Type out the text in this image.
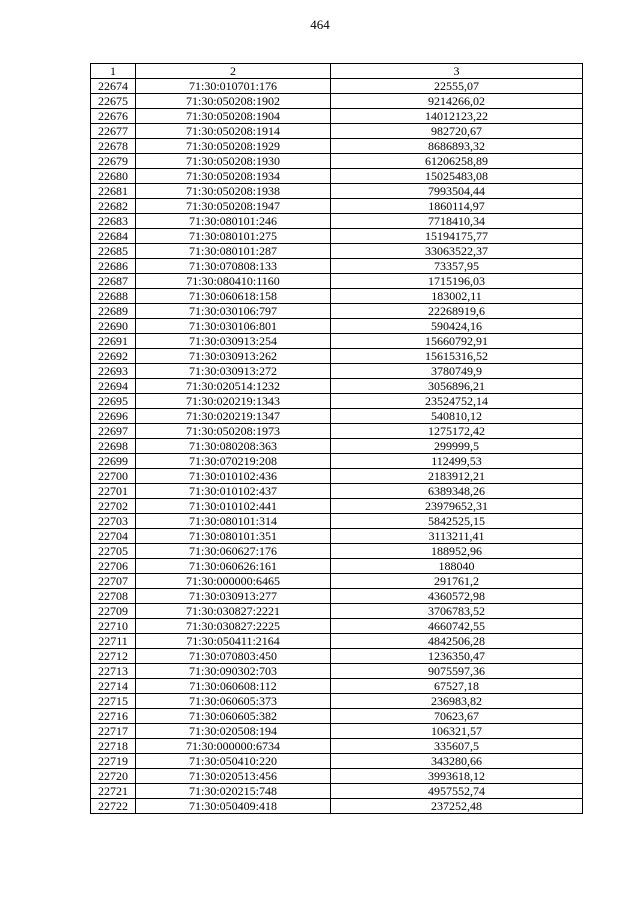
464
1	2	3
22674	71:30:010701:176	22555,07
22675	71:30:050208:1902	9214266,02
22676	71:30:050208:1904	14012123,22
22677	71:30:050208:1914	982720,67
22678	71:30:050208:1929	8686893,32
22679	71:30:050208:1930	61206258,89
22680	71:30:050208:1934	15025483,08
22681	71:30:050208:1938	7993504,44
22682	71:30:050208:1947	1860114,97
22683	71:30:080101:246	7718410,34
22684	71:30:080101:275	15194175,77
22685	71:30:080101:287	33063522,37
22686	71:30:070808:133	73357,95
22687	71:30:080410:1160	1715196,03
22688	71:30:060618:158	183002,11
22689	71:30:030106:797	22268919,6
22690	71:30:030106:801	590424,16
22691	71:30:030913:254	15660792,91
22692	71:30:030913:262	15615316,52
22693	71:30:030913:272	3780749,9
22694	71:30:020514:1232	3056896,21
22695	71:30:020219:1343	23524752,14
22696	71:30:020219:1347	540810,12
22697	71:30:050208:1973	1275172,42
22698	71:30:080208:363	299999,5
22699	71:30:070219:208	112499,53
22700	71:30:010102:436	2183912,21
22701	71:30:010102:437	6389348,26
22702	71:30:010102:441	23979652,31
22703	71:30:080101:314	5842525,15
22704	71:30:080101:351	3113211,41
22705	71:30:060627:176	188952,96
22706	71:30:060626:161	188040
22707	71:30:000000:6465	291761,2
22708	71:30:030913:277	4360572,98
22709	71:30:030827:2221	3706783,52
22710	71:30:030827:2225	4660742,55
22711	71:30:050411:2164	4842506,28
22712	71:30:070803:450	1236350,47
22713	71:30:090302:703	9075597,36
22714	71:30:060608:112	67527,18
22715	71:30:060605:373	236983,82
22716	71:30:060605:382	70623,67
22717	71:30:020508:194	106321,57
22718	71:30:000000:6734	335607,5
22719	71:30:050410:220	343280,66
22720	71:30:020513:456	3993618,12
22721	71:30:020215:748	4957552,74
22722	71:30:050409:418	237252,48
